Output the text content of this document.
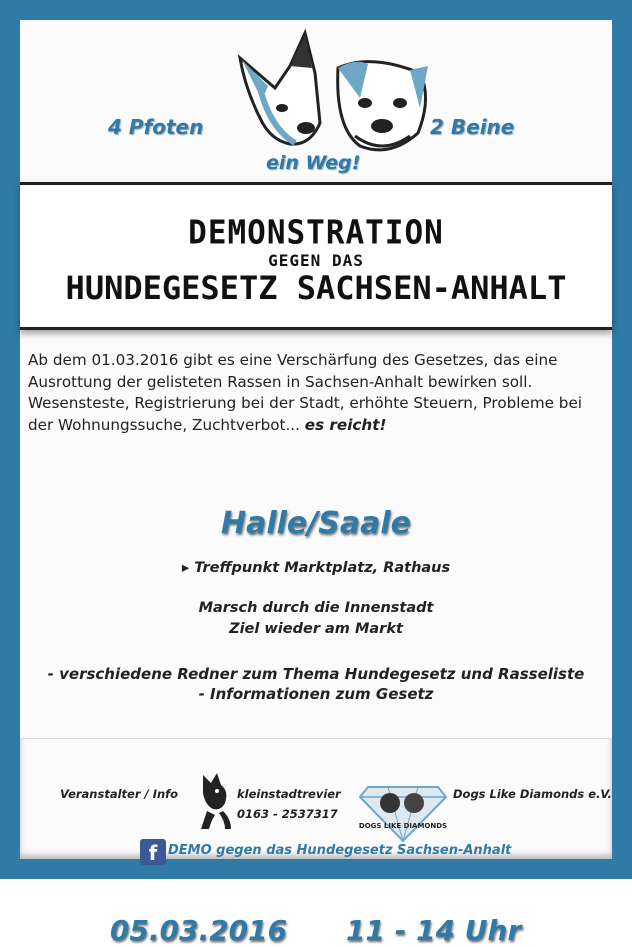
4 Pfoten	2 Beine
ein Weg!
DEMONSTRATION
GEGEN DAS
HUNDEGESETZ SACHSEN-ANHALT
Ab dem 01.03.2016 gibt es eine Verschärfung des Gesetzes, das eine Ausrottung der gelisteten Rassen in Sachsen-Anhalt bewirken soll. Wesensteste, Registrierung bei der Stadt, erhöhte Steuern, Probleme bei der Wohnungssuche, Zuchtverbot... es reicht!
05.03.2016 11 - 14 Uhr
Halle/Saale
▸ Treffpunkt Marktplatz, Rathaus
Marsch durch die Innenstadt
Ziel wieder am Markt
- verschiedene Redner zum Thema Hundegesetz und Rasseliste
- Informationen zum Gesetz
Veranstalter / Info	kleinstadtrevier
0163 - 2537317
DOGS LIKE DIAMONDS
Dogs Like Diamonds e.V.
f DEMO gegen das Hundegesetz Sachsen-Anhalt
